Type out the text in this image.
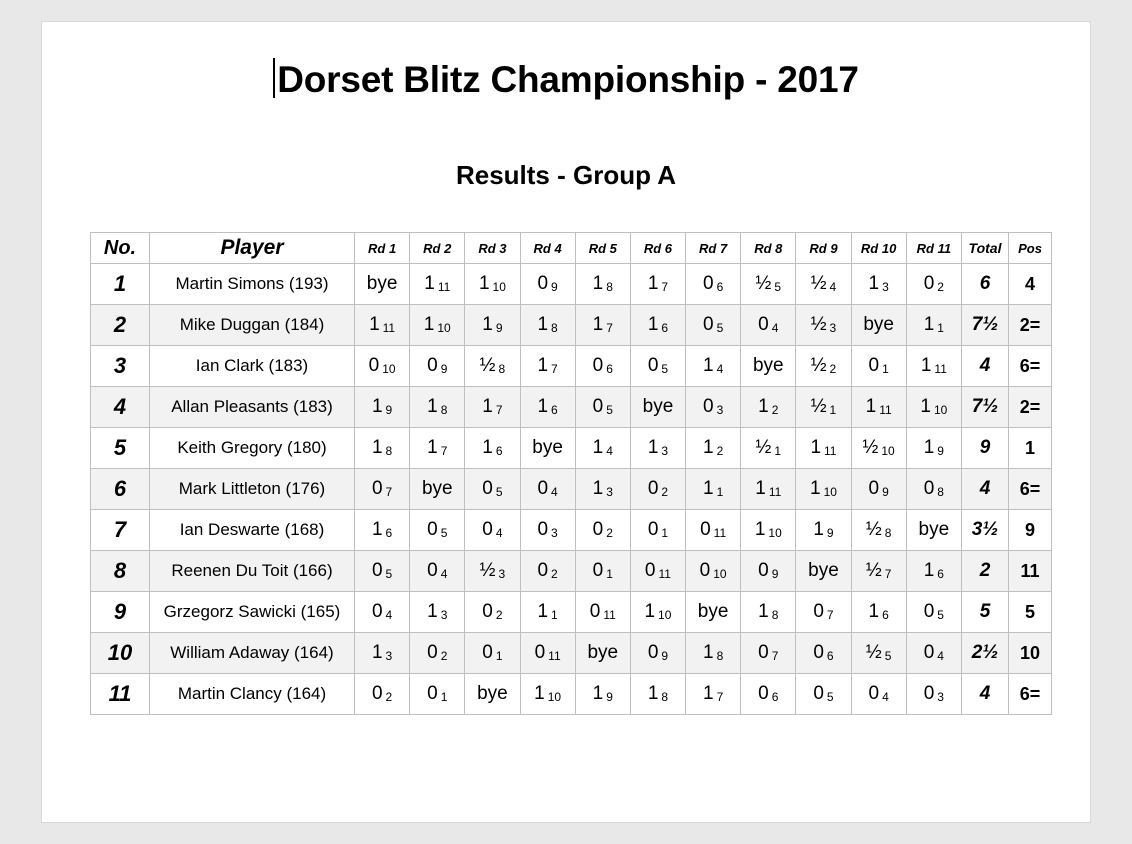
Dorset Blitz Championship - 2017
Results - Group A
No.	Player	Rd 1	Rd 2	Rd 3	Rd 4	Rd 5	Rd 6	Rd 7	Rd 8	Rd 9	Rd 10	Rd 11	Total	Pos
1	Martin Simons (193)	bye	1 11	1 10	0 9	1 8	1 7	0 6	½ 5	½ 4	1 3	0 2	6	4
2	Mike Duggan (184)	1 11	1 10	1 9	1 8	1 7	1 6	0 5	0 4	½ 3	bye	1 1	7½	2=
3	Ian Clark (183)	0 10	0 9	½ 8	1 7	0 6	0 5	1 4	bye	½ 2	0 1	1 11	4	6=
4	Allan Pleasants (183)	1 9	1 8	1 7	1 6	0 5	bye	0 3	1 2	½ 1	1 11	1 10	7½	2=
5	Keith Gregory (180)	1 8	1 7	1 6	bye	1 4	1 3	1 2	½ 1	1 11	½ 10	1 9	9	1
6	Mark Littleton (176)	0 7	bye	0 5	0 4	1 3	0 2	1 1	1 11	1 10	0 9	0 8	4	6=
7	Ian Deswarte (168)	1 6	0 5	0 4	0 3	0 2	0 1	0 11	1 10	1 9	½ 8	bye	3½	9
8	Reenen Du Toit (166)	0 5	0 4	½ 3	0 2	0 1	0 11	0 10	0 9	bye	½ 7	1 6	2	11
9	Grzegorz Sawicki (165)	0 4	1 3	0 2	1 1	0 11	1 10	bye	1 8	0 7	1 6	0 5	5	5
10	William Adaway (164)	1 3	0 2	0 1	0 11	bye	0 9	1 8	0 7	0 6	½ 5	0 4	2½	10
11	Martin Clancy (164)	0 2	0 1	bye	1 10	1 9	1 8	1 7	0 6	0 5	0 4	0 3	4	6=
